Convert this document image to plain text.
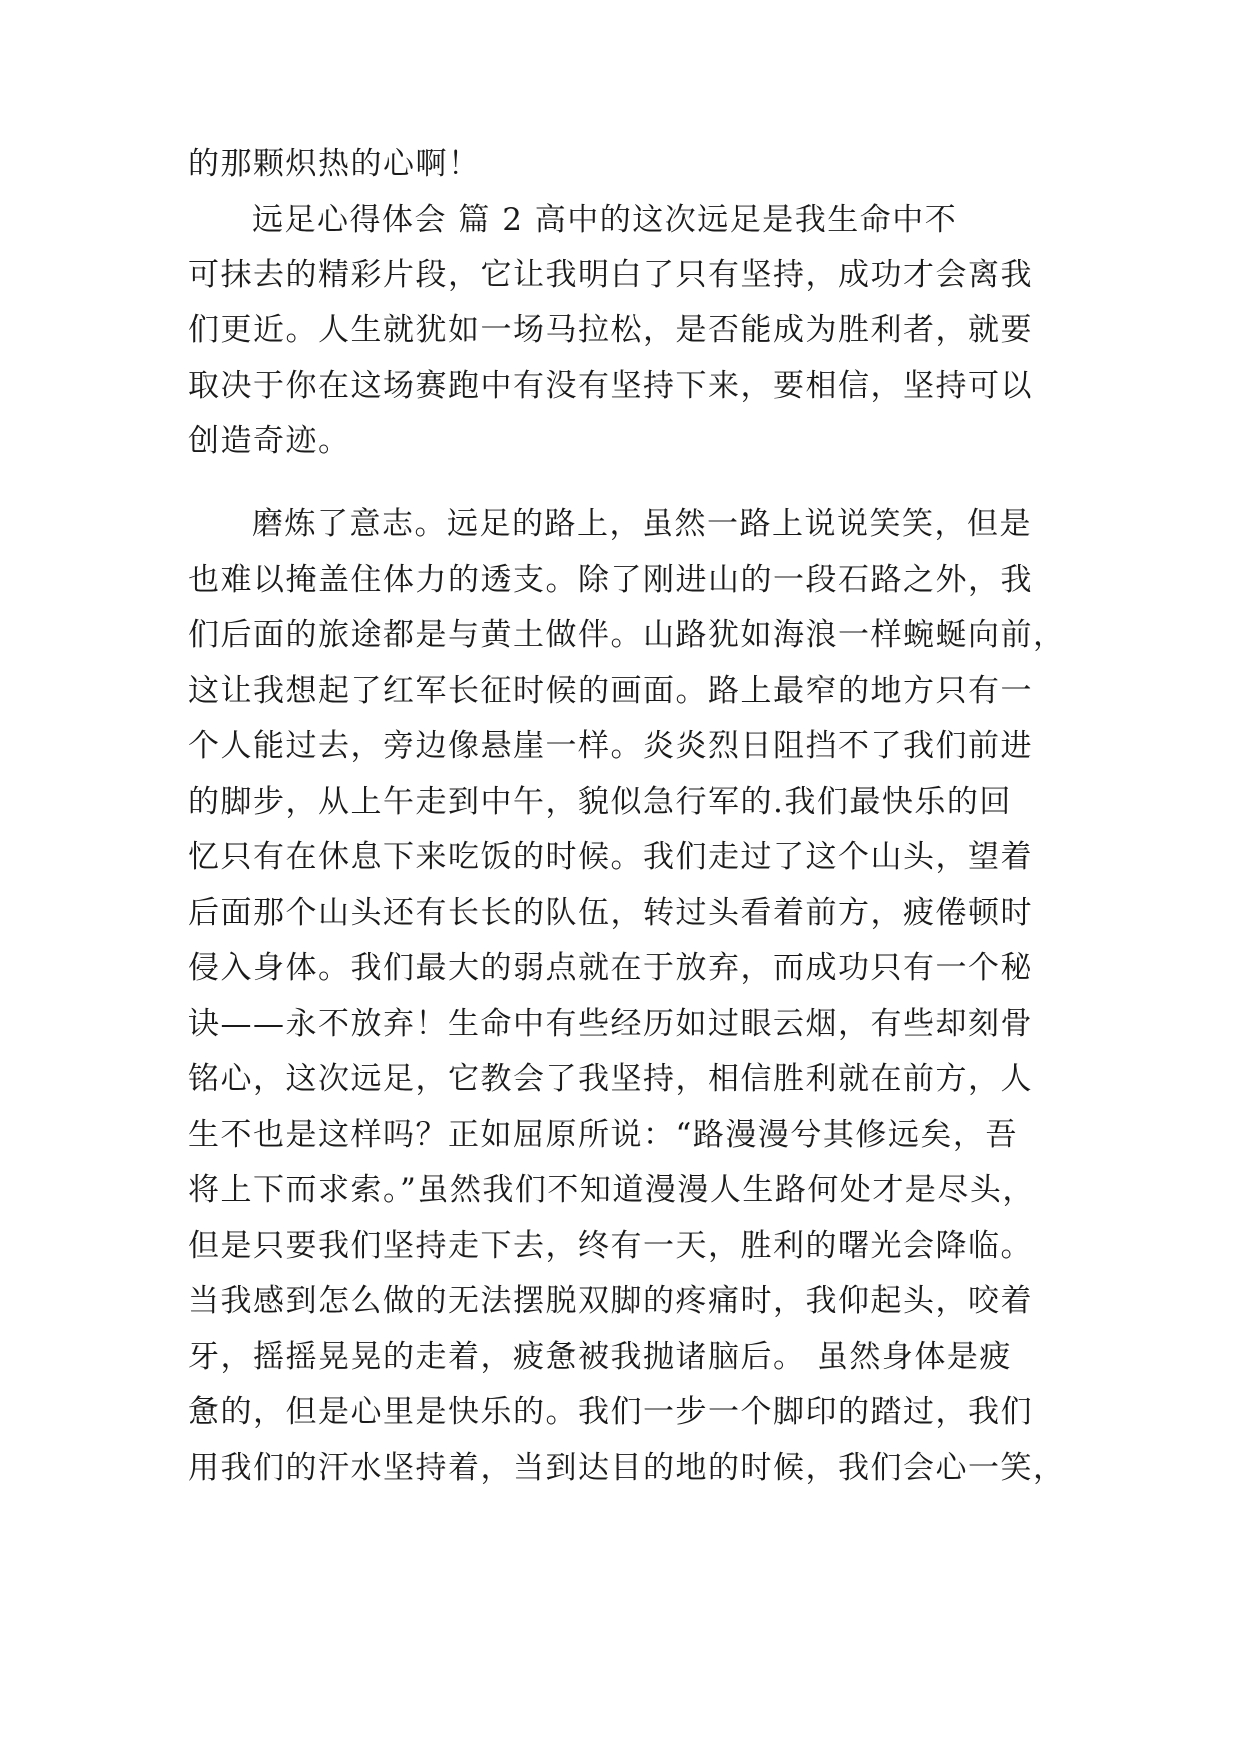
的那颗炽热的心啊！

远足心得体会 篇 2 高中的这次远足是我生命中不

可抹去的精彩片段，它让我明白了只有坚持，成功才会离我

们更近。人生就犹如一场马拉松，是否能成为胜利者，就要

取决于你在这场赛跑中有没有坚持下来，要相信，坚持可以

创造奇迹。

磨炼了意志。远足的路上，虽然一路上说说笑笑，但是

也难以掩盖住体力的透支。除了刚进山的一段石路之外，我

们后面的旅途都是与黄土做伴。山路犹如海浪一样蜿蜒向前，

这让我想起了红军长征时候的画面。路上最窄的地方只有一

个人能过去，旁边像悬崖一样。炎炎烈日阻挡不了我们前进

的脚步，从上午走到中午，貌似急行军的.我们最快乐的回

忆只有在休息下来吃饭的时候。我们走过了这个山头，望着

后面那个山头还有长长的队伍，转过头看着前方，疲倦顿时

侵入身体。我们最大的弱点就在于放弃，而成功只有一个秘

诀——永不放弃！生命中有些经历如过眼云烟，有些却刻骨

铭心，这次远足，它教会了我坚持，相信胜利就在前方，人

生不也是这样吗？正如屈原所说：“路漫漫兮其修远矣，吾

将上下而求索。”虽然我们不知道漫漫人生路何处才是尽头，

但是只要我们坚持走下去，终有一天，胜利的曙光会降临。

当我感到怎么做的无法摆脱双脚的疼痛时，我仰起头，咬着

牙，摇摇晃晃的走着，疲惫被我抛诸脑后。 虽然身体是疲

惫的，但是心里是快乐的。我们一步一个脚印的踏过，我们

用我们的汗水坚持着，当到达目的地的时候，我们会心一笑，
